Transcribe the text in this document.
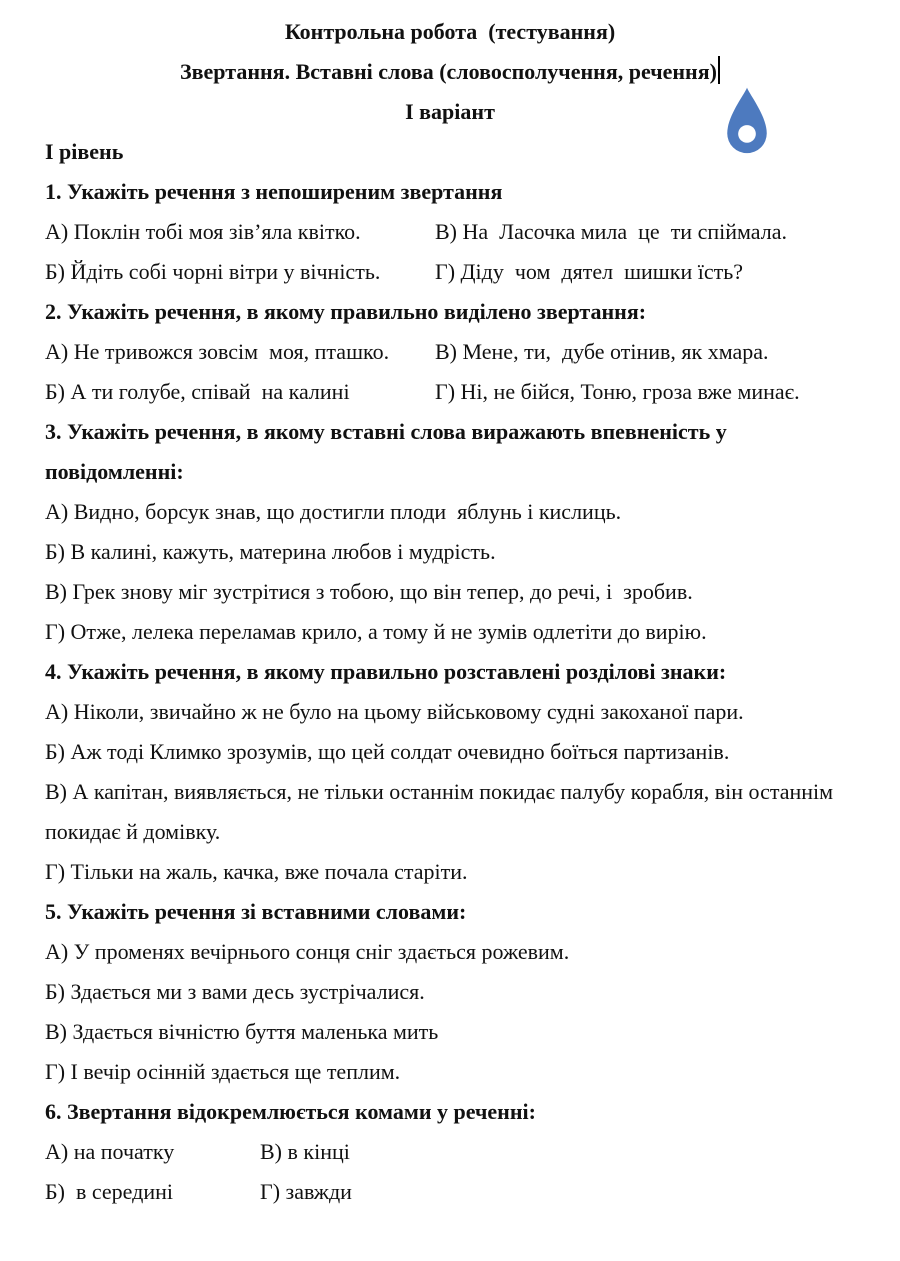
Контрольна робота  (тестування)

Звертання. Вставні слова (словосполучення, речення)

І варіант

І рівень

1. Укажіть речення з непоширеним звертання

А) Поклін тобі моя зів’яла квітко.	В) На  Ласочка мила  це  ти спіймала.

Б) Йдіть собі чорні вітри у вічність.	Г) Діду  чом  дятел  шишки їсть?

2. Укажіть речення, в якому правильно виділено звертання:

А) Не тривожся зовсім  моя, пташко.	В) Мене, ти,  дубе отінив, як хмара.

Б) А ти голубе, співай  на калині	Г) Ні, не бійся, Тоню, гроза вже минає.

3. Укажіть речення, в якому вставні слова виражають впевненість у повідомленні:

А) Видно, борсук знав, що достигли плоди  яблунь і кислиць.

Б) В калині, кажуть, материна любов і мудрість.

В) Грек знову міг зустрітися з тобою, що він тепер, до речі, і  зробив.

Г) Отже, лелека переламав крило, а тому й не зумів одлетіти до вирію.

4. Укажіть речення, в якому правильно розставлені розділові знаки:

А) Ніколи, звичайно ж не було на цьому військовому судні закоханої пари.

Б) Аж тоді Климко зрозумів, що цей солдат очевидно боїться партизанів.

В) А капітан, виявляється, не тільки останнім покидає палубу корабля, він останнім покидає й домівку.

Г) Тільки на жаль, качка, вже почала старіти.

5. Укажіть речення зі вставними словами:

А) У променях вечірнього сонця сніг здається рожевим.

Б) Здається ми з вами десь зустрічалися.

В) Здається вічністю буття маленька мить

Г) І вечір осінній здається ще теплим.

6. Звертання відокремлюється комами у реченні:

А) на початку	В) в кінці

Б)  в середині	Г) завжди
